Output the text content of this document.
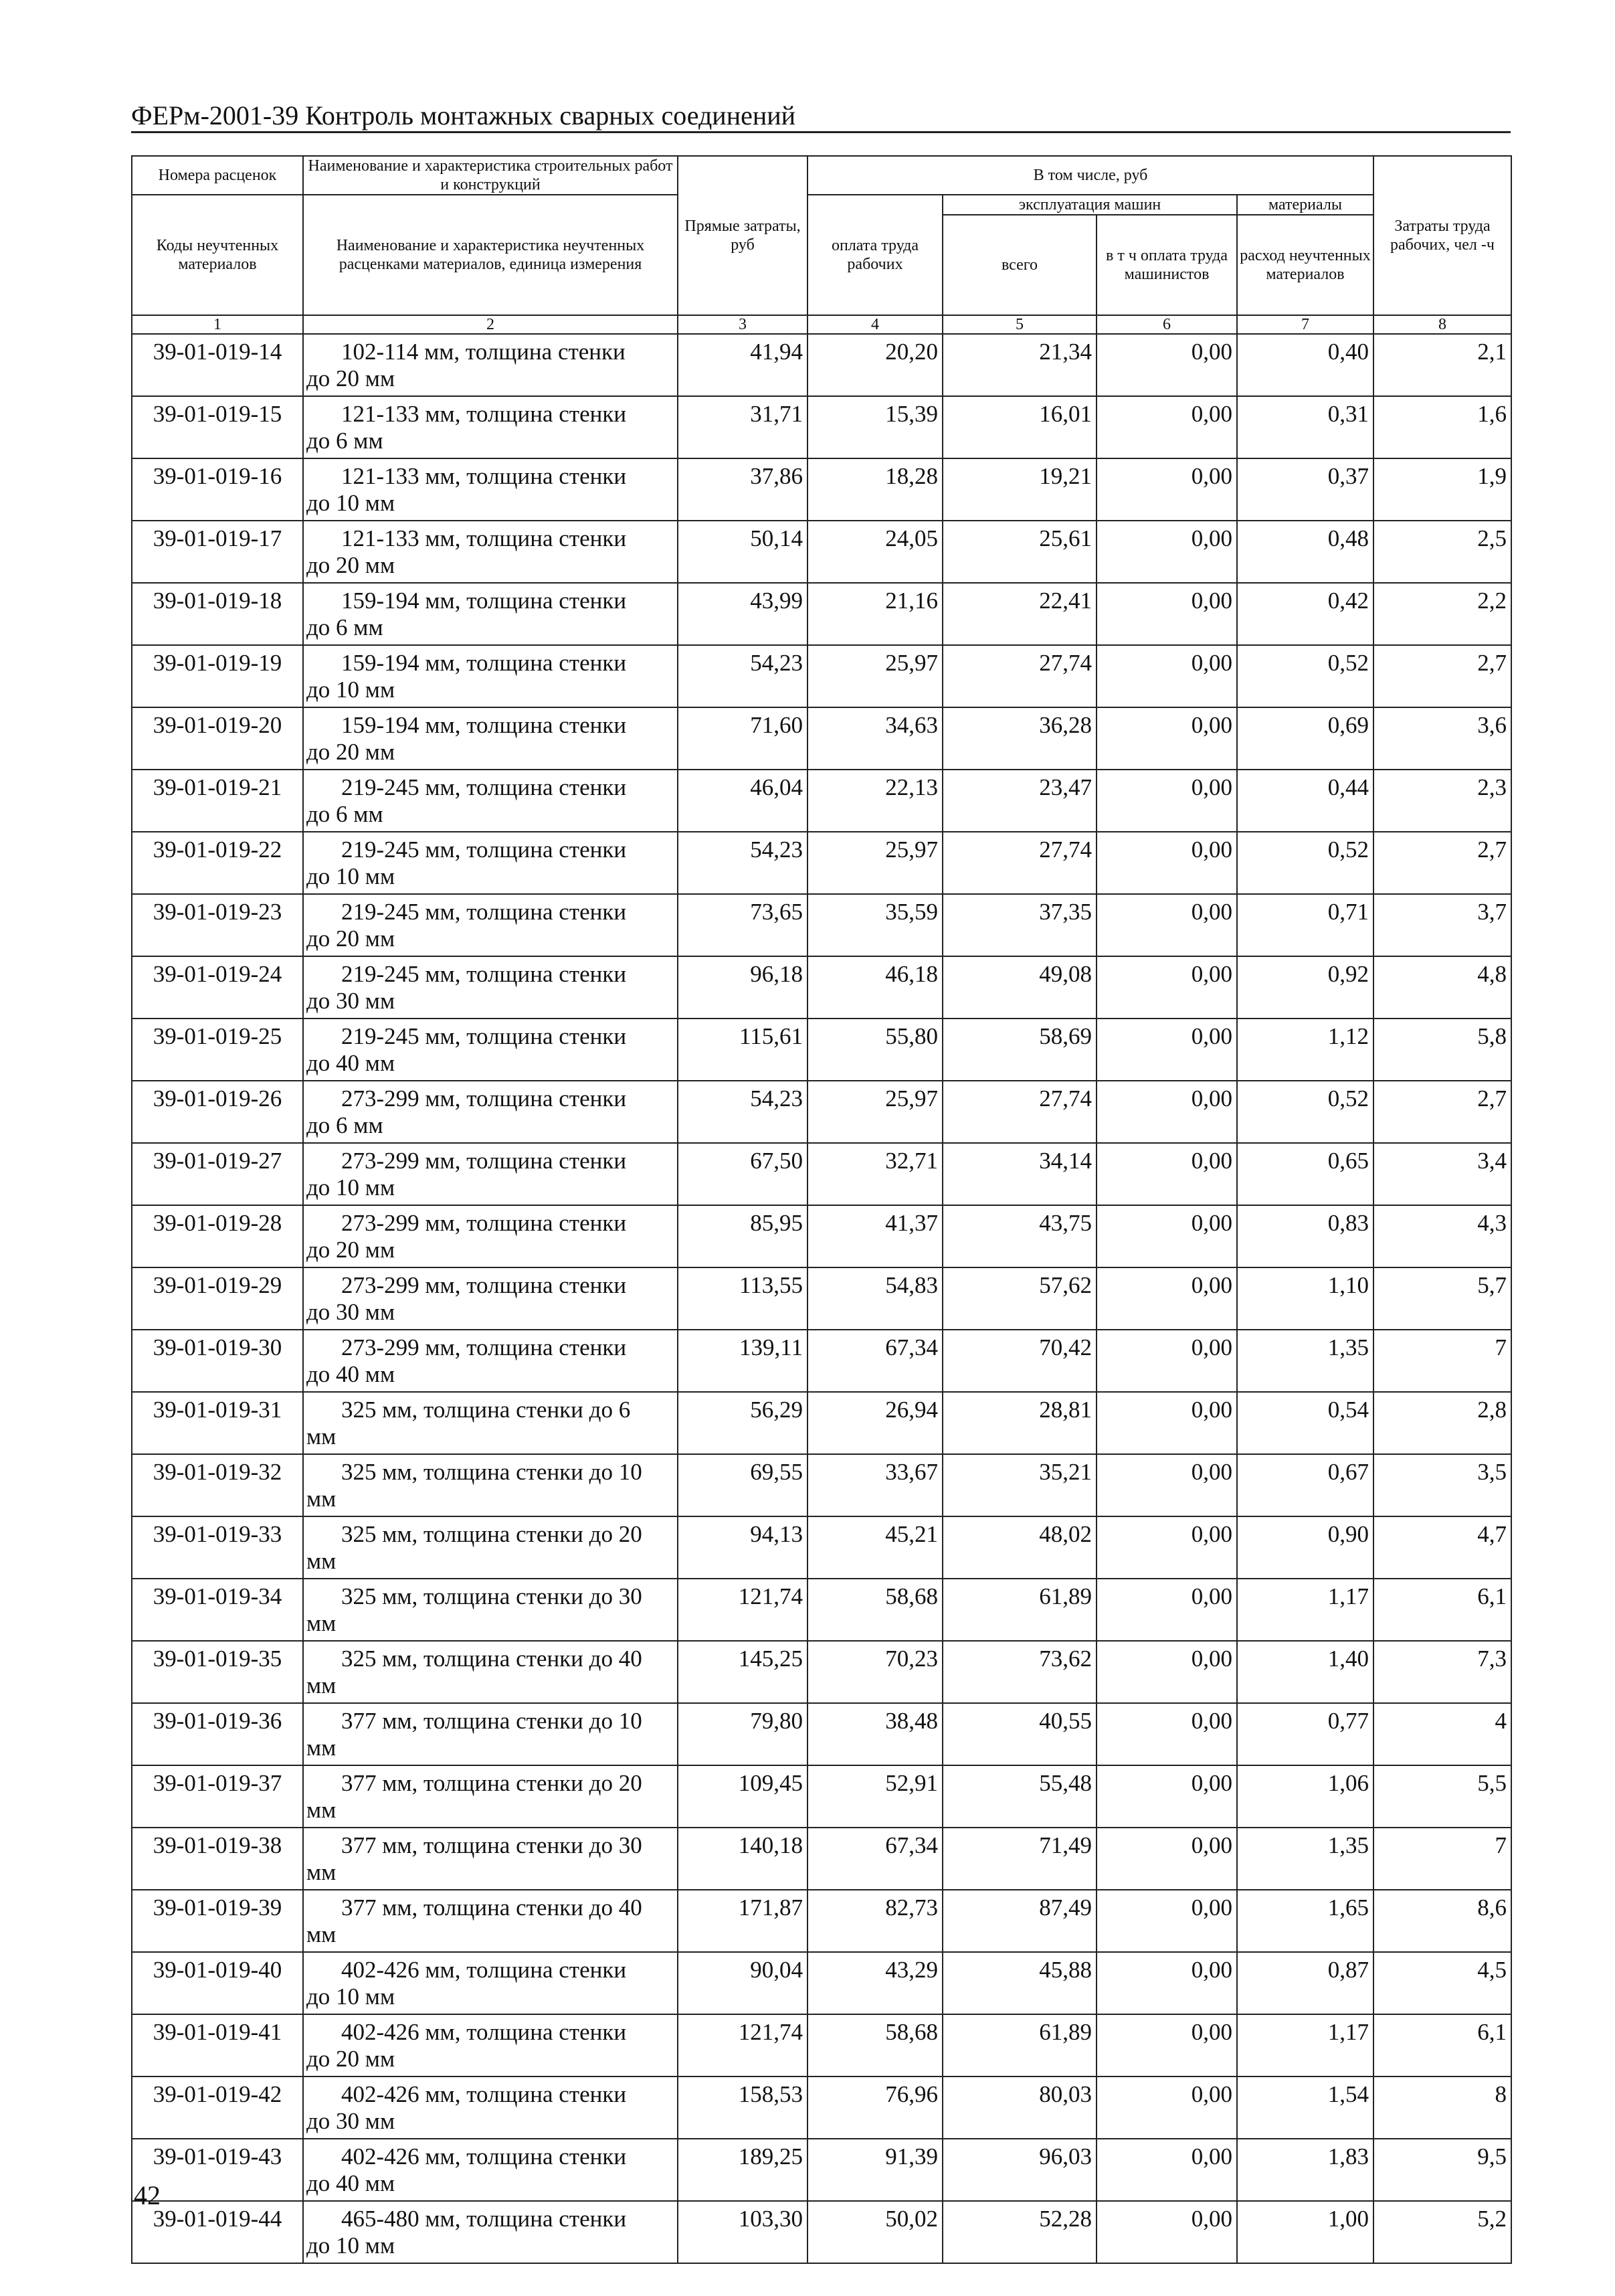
ФЕРм-2001-39 Контроль монтажных сварных соединений
Номера расценок	Наименование и характеристика строительных работ и конструкций	Прямые затраты, руб	В том числе, руб				Затраты труда рабочих, чел -ч
Коды неучтенных материалов	Наименование и характеристика неучтенных расценками материалов, единица измерения		оплата труда рабочих	эксплуатация машин		материалы	
				всего	в т ч оплата труда машинистов	расход неучтенных материалов	
1	2	3	4	5	6	7	8
39-01-019-14	102-114 мм, толщина стенки
до 20 мм	41,94	20,20	21,34	0,00	0,40	2,1
39-01-019-15	121-133 мм, толщина стенки
до 6 мм	31,71	15,39	16,01	0,00	0,31	1,6
39-01-019-16	121-133 мм, толщина стенки
до 10 мм	37,86	18,28	19,21	0,00	0,37	1,9
39-01-019-17	121-133 мм, толщина стенки
до 20 мм	50,14	24,05	25,61	0,00	0,48	2,5
39-01-019-18	159-194 мм, толщина стенки
до 6 мм	43,99	21,16	22,41	0,00	0,42	2,2
39-01-019-19	159-194 мм, толщина стенки
до 10 мм	54,23	25,97	27,74	0,00	0,52	2,7
39-01-019-20	159-194 мм, толщина стенки
до 20 мм	71,60	34,63	36,28	0,00	0,69	3,6
39-01-019-21	219-245 мм, толщина стенки
до 6 мм	46,04	22,13	23,47	0,00	0,44	2,3
39-01-019-22	219-245 мм, толщина стенки
до 10 мм	54,23	25,97	27,74	0,00	0,52	2,7
39-01-019-23	219-245 мм, толщина стенки
до 20 мм	73,65	35,59	37,35	0,00	0,71	3,7
39-01-019-24	219-245 мм, толщина стенки
до 30 мм	96,18	46,18	49,08	0,00	0,92	4,8
39-01-019-25	219-245 мм, толщина стенки
до 40 мм	115,61	55,80	58,69	0,00	1,12	5,8
39-01-019-26	273-299 мм, толщина стенки
до 6 мм	54,23	25,97	27,74	0,00	0,52	2,7
39-01-019-27	273-299 мм, толщина стенки
до 10 мм	67,50	32,71	34,14	0,00	0,65	3,4
39-01-019-28	273-299 мм, толщина стенки
до 20 мм	85,95	41,37	43,75	0,00	0,83	4,3
39-01-019-29	273-299 мм, толщина стенки
до 30 мм	113,55	54,83	57,62	0,00	1,10	5,7
39-01-019-30	273-299 мм, толщина стенки
до 40 мм	139,11	67,34	70,42	0,00	1,35	7
39-01-019-31	325 мм, толщина стенки до 6
мм	56,29	26,94	28,81	0,00	0,54	2,8
39-01-019-32	325 мм, толщина стенки до 10
мм	69,55	33,67	35,21	0,00	0,67	3,5
39-01-019-33	325 мм, толщина стенки до 20
мм	94,13	45,21	48,02	0,00	0,90	4,7
39-01-019-34	325 мм, толщина стенки до 30
мм	121,74	58,68	61,89	0,00	1,17	6,1
39-01-019-35	325 мм, толщина стенки до 40
мм	145,25	70,23	73,62	0,00	1,40	7,3
39-01-019-36	377 мм, толщина стенки до 10
мм	79,80	38,48	40,55	0,00	0,77	4
39-01-019-37	377 мм, толщина стенки до 20
мм	109,45	52,91	55,48	0,00	1,06	5,5
39-01-019-38	377 мм, толщина стенки до 30
мм	140,18	67,34	71,49	0,00	1,35	7
39-01-019-39	377 мм, толщина стенки до 40
мм	171,87	82,73	87,49	0,00	1,65	8,6
39-01-019-40	402-426 мм, толщина стенки
до 10 мм	90,04	43,29	45,88	0,00	0,87	4,5
39-01-019-41	402-426 мм, толщина стенки
до 20 мм	121,74	58,68	61,89	0,00	1,17	6,1
39-01-019-42	402-426 мм, толщина стенки
до 30 мм	158,53	76,96	80,03	0,00	1,54	8
39-01-019-43	402-426 мм, толщина стенки
до 40 мм	189,25	91,39	96,03	0,00	1,83	9,5
39-01-019-44	465-480 мм, толщина стенки
до 10 мм	103,30	50,02	52,28	0,00	1,00	5,2
42
